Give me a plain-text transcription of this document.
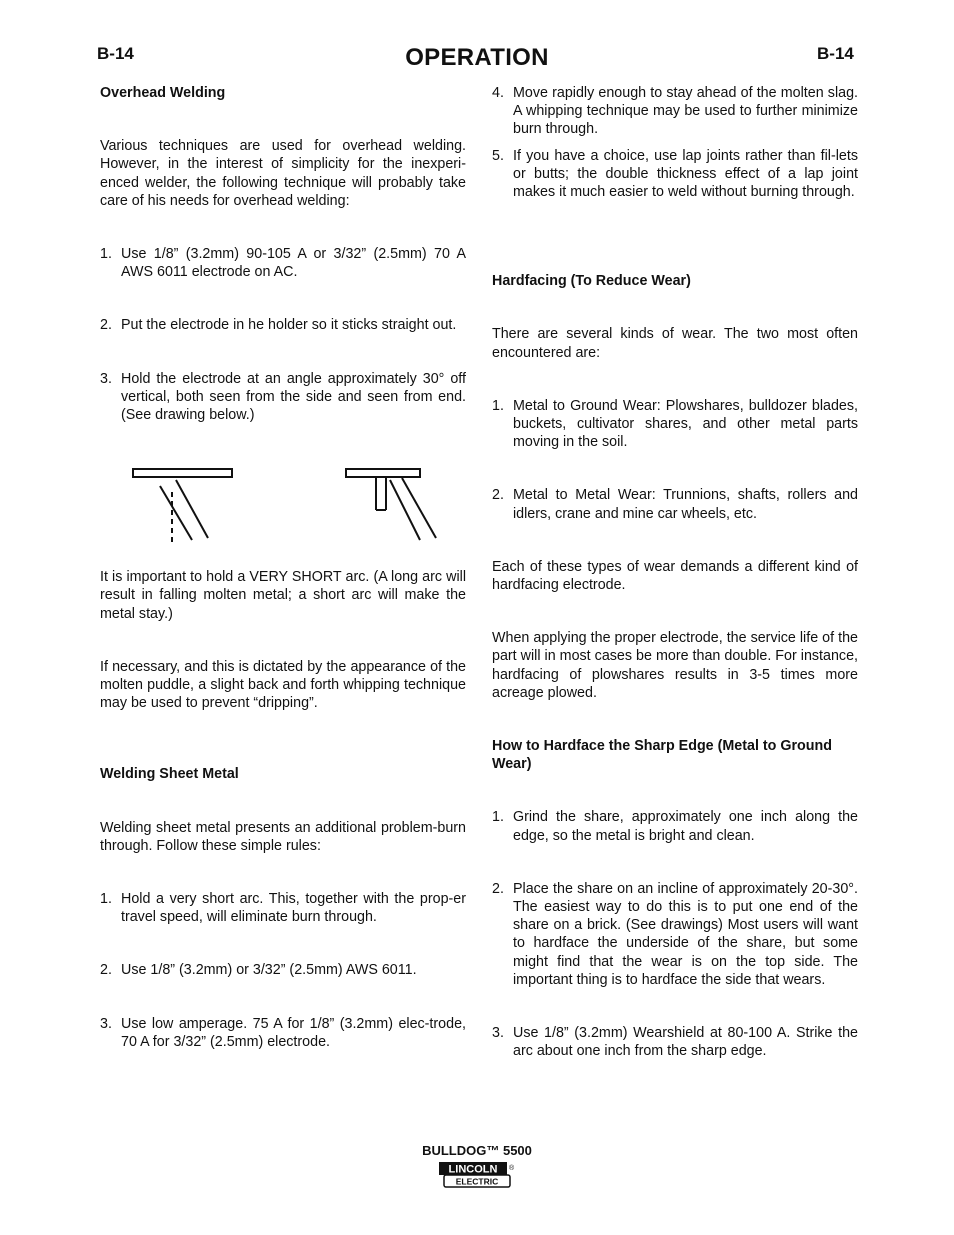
B-14	OPERATION	B-14

Overhead Welding

Various techniques are used for overhead welding. However, in the interest of simplicity for the inexperi-enced welder, the following technique will probably take care of his needs for overhead welding:

1. Use 1/8” (3.2mm) 90-105 A or 3/32” (2.5mm) 70 A AWS 6011 electrode on AC.
2. Put the electrode in he holder so it sticks straight out.
3. Hold the electrode at an angle approximately 30° off vertical, both seen from the side and seen from end. (See drawing below.)

It is important to hold a VERY SHORT arc. (A long arc will result in falling molten metal; a short arc will make the metal stay.)

If necessary, and this is dictated by the appearance of the molten puddle, a slight back and forth whipping technique may be used to prevent “dripping”.

Welding Sheet Metal

Welding sheet metal presents an additional problem-burn through. Follow these simple rules:

1. Hold a very short arc. This, together with the prop-er travel speed, will eliminate burn through.
2. Use 1/8” (3.2mm) or 3/32” (2.5mm) AWS 6011.
3. Use low amperage. 75 A for 1/8” (3.2mm) elec-trode, 70 A for 3/32” (2.5mm) electrode.
4. Move rapidly enough to stay ahead of the molten slag. A whipping technique may be used to further minimize burn through.
5. If you have a choice, use lap joints rather than fil-lets or butts; the double thickness effect of a lap joint makes it much easier to weld without burning through.

Hardfacing (To Reduce Wear)

There are several kinds of wear. The two most often encountered are:

1. Metal to Ground Wear: Plowshares, bulldozer blades, buckets, cultivator shares, and other metal parts moving in the soil.
2. Metal to Metal Wear: Trunnions, shafts, rollers and idlers, crane and mine car wheels, etc.

Each of these types of wear demands a different kind of hardfacing electrode.

When applying the proper electrode, the service life of the part will in most cases be more than double. For instance, hardfacing of plowshares results in 3-5 times more acreage plowed.

How to Hardface the Sharp Edge (Metal to Ground Wear)

1. Grind the share, approximately one inch along the edge, so the metal is bright and clean.
2. Place the share on an incline of approximately 20-30°. The easiest way to do this is to put one end of the share on a brick. (See drawings) Most users will want to hardface the underside of the share, but some might find that the wear is on the top side. The important thing is to hardface the side that wears.
3. Use 1/8” (3.2mm) Wearshield at 80-100 A. Strike the arc about one inch from the sharp edge.
BULLDOG™ 5500
LINCOLN ®
ELECTRIC
